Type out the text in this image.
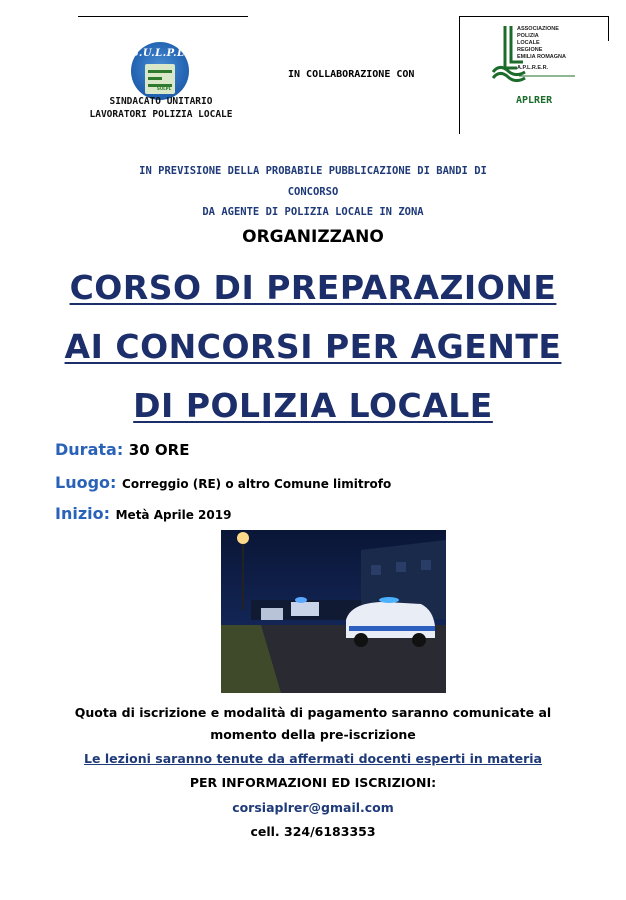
S.U.L.P.L.
SULPL
SINDACATO UNITARIO
LAVORATORI POLIZIA LOCALE
IN COLLABORAZIONE CON
ASSOCIAZIONE
POLIZIA
LOCALE
REGIONE
EMILIA ROMAGNA
A.P.L.R.E.R.
APLRER
IN PREVISIONE DELLA PROBABILE PUBBLICAZIONE DI BANDI DI
CONCORSO
DA AGENTE DI POLIZIA LOCALE IN ZONA
ORGANIZZANO
CORSO DI PREPARAZIONE
AI CONCORSI PER AGENTE
DI POLIZIA LOCALE
Durata: 30 ORE
Luogo: Correggio (RE) o altro Comune limitrofo
Inizio: Metà Aprile 2019
Quota di iscrizione e modalità di pagamento saranno comunicate al
momento della pre-iscrizione
Le lezioni saranno tenute da affermati docenti esperti in materia
PER INFORMAZIONI ED ISCRIZIONI:
corsiaplrer@gmail.com
cell. 324/6183353
